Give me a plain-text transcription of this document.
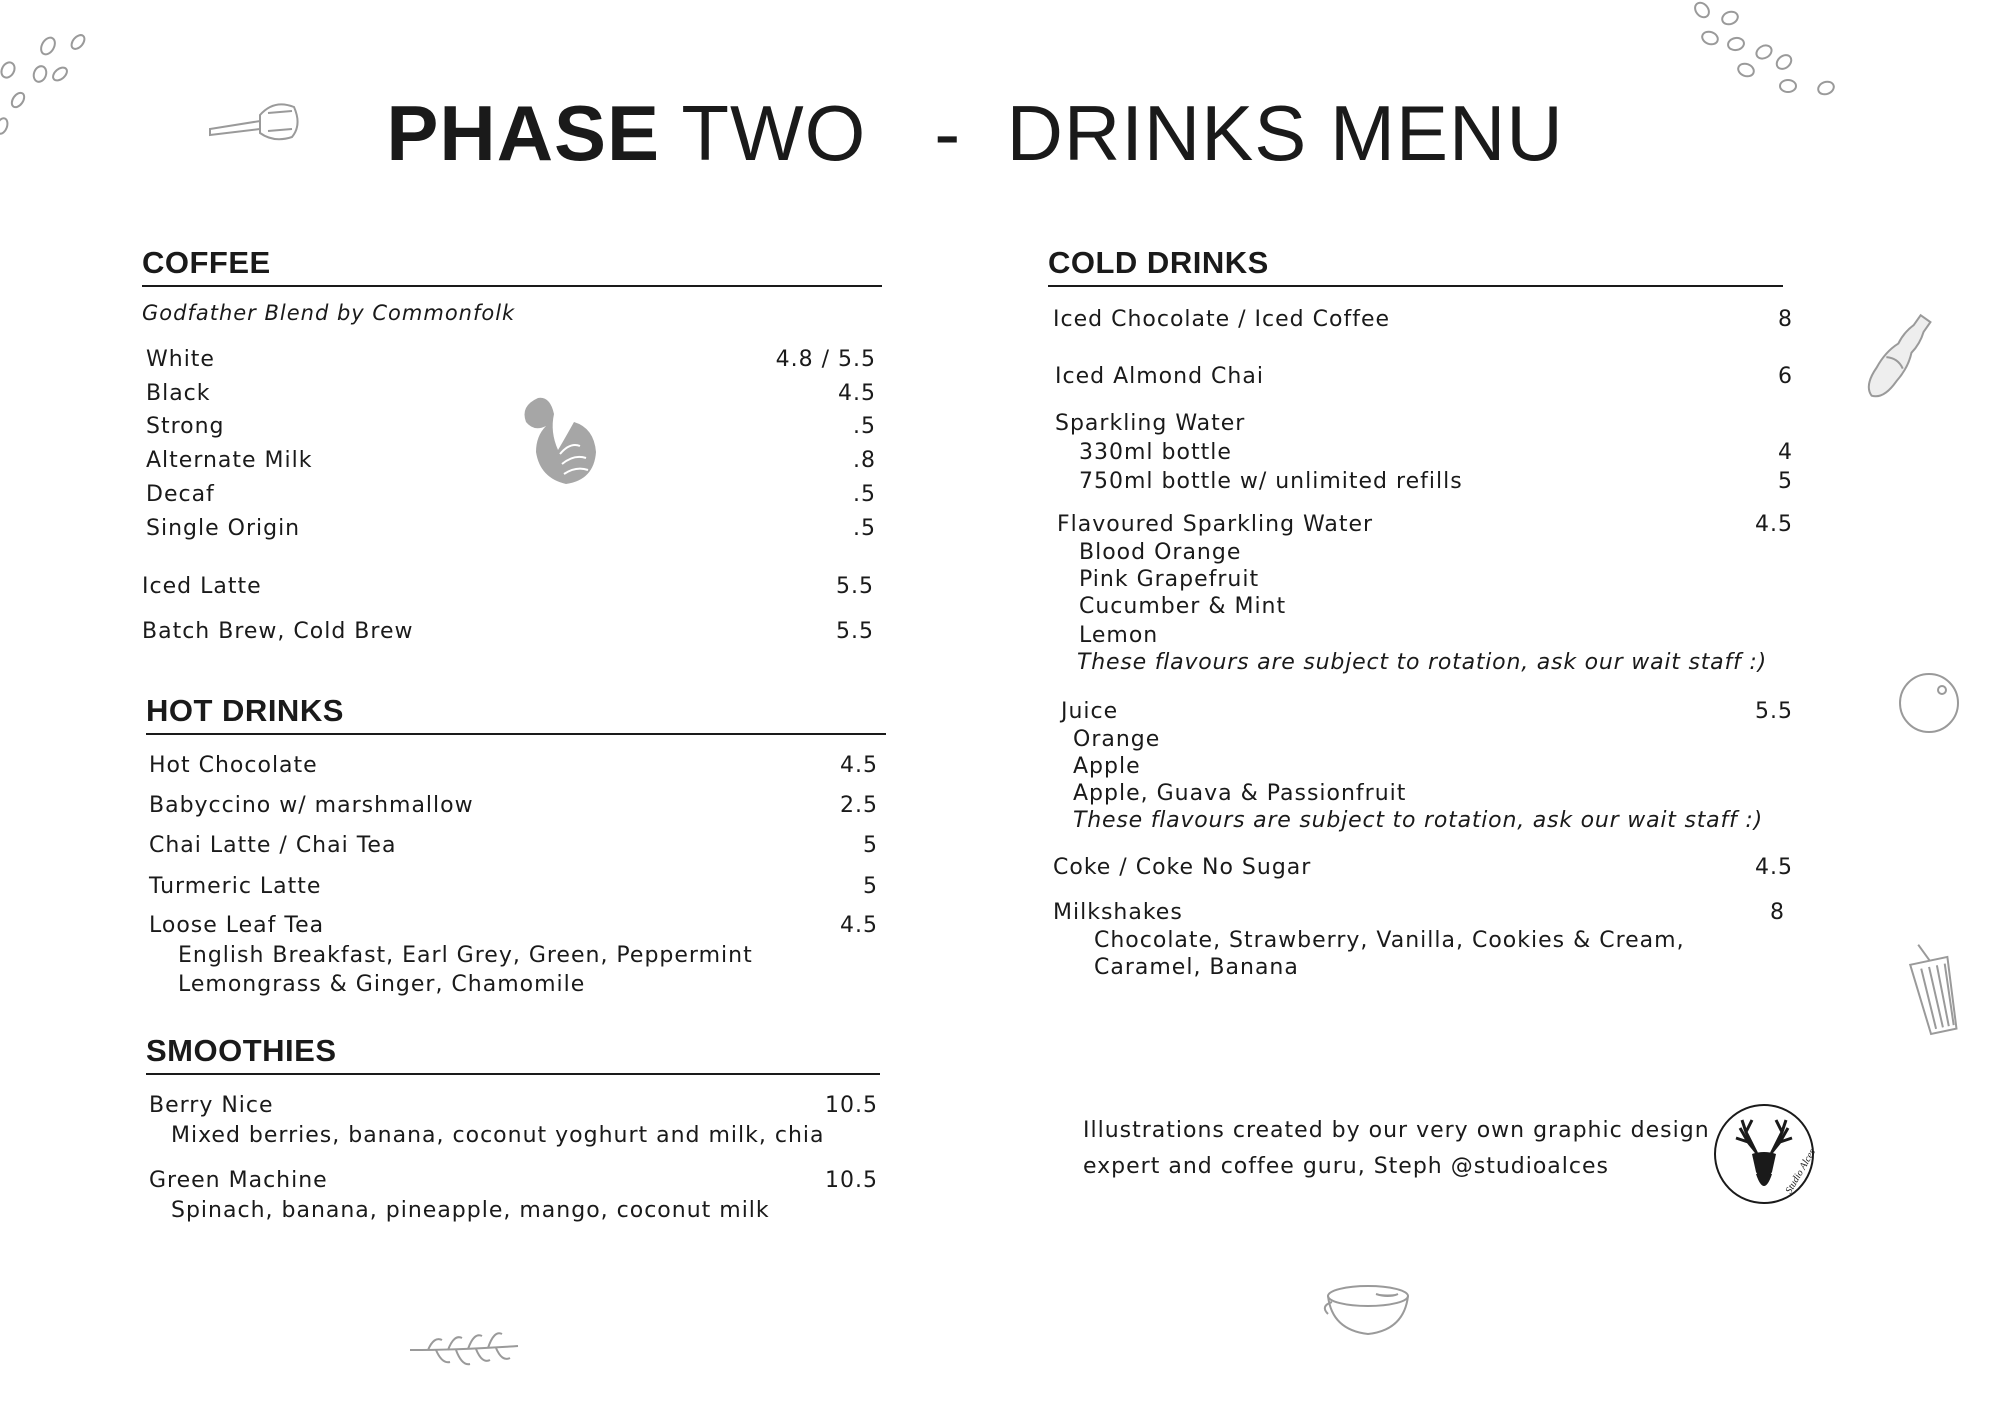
PHASE TWO   -  DRINKS MENU
COFFEE
Godfather Blend by Commonfolk
White	4.8 / 5.5
Black	4.5
Strong	.5
Alternate Milk	.8
Decaf	.5
Single Origin	.5
Iced Latte	5.5
Batch Brew, Cold Brew	5.5
HOT DRINKS
Hot Chocolate	4.5
Babyccino w/ marshmallow	2.5
Chai Latte / Chai Tea	5
Turmeric Latte	5
Loose Leaf Tea	4.5
English Breakfast, Earl Grey, Green, Peppermint
Lemongrass & Ginger, Chamomile
SMOOTHIES
Berry Nice	10.5
Mixed berries, banana, coconut yoghurt and milk, chia
Green Machine	10.5
Spinach, banana, pineapple, mango, coconut milk
COLD DRINKS
Iced Chocolate / Iced Coffee	8
Iced Almond Chai	6
Sparkling Water
330ml bottle	4
750ml bottle w/ unlimited refills	5
Flavoured Sparkling Water	4.5
Blood Orange
Pink Grapefruit
Cucumber & Mint
Lemon
These flavours are subject to rotation, ask our wait staff :)
Juice	5.5
Orange
Apple
Apple, Guava & Passionfruit
These flavours are subject to rotation, ask our wait staff :)
Coke / Coke No Sugar	4.5
Milkshakes	8
Chocolate, Strawberry, Vanilla, Cookies & Cream,
Caramel, Banana
Illustrations created by our very own graphic design
expert and coffee guru, Steph @studioalces	Studio Alces
